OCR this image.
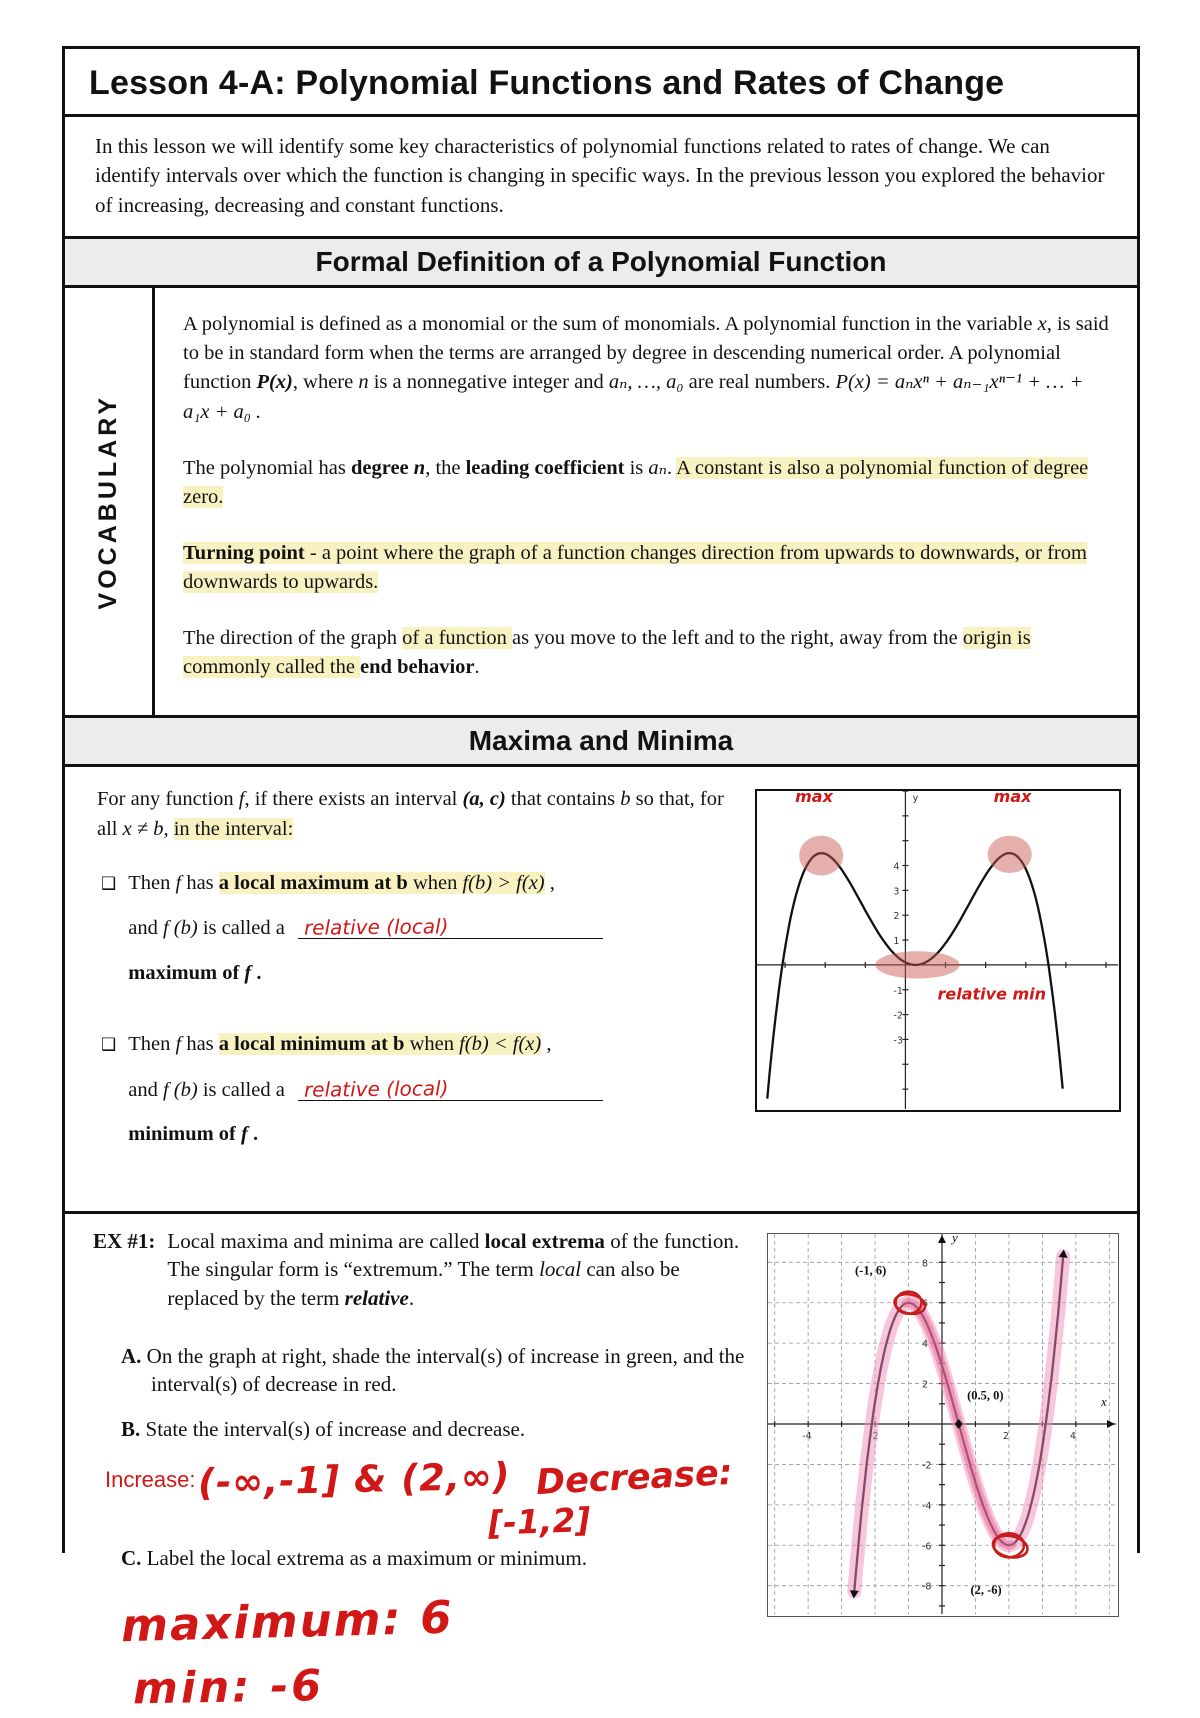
Lesson 4-A: Polynomial Functions and Rates of Change
In this lesson we will identify some key characteristics of polynomial functions related to rates of change. We can identify intervals over which the function is changing in specific ways. In the previous lesson you explored the behavior of increasing, decreasing and constant functions.
Formal Definition of a Polynomial Function
VOCABULARY

A polynomial is defined as a monomial or the sum of monomials. A polynomial function in the variable x, is said to be in standard form when the terms are arranged by degree in descending numerical order. A polynomial function P(x), where n is a nonnegative integer and aₙ, …, a₀ are real numbers. P(x) = aₙxⁿ + aₙ₋₁xⁿ⁻¹ + … + a₁x + a₀ .

The polynomial has degree n, the leading coefficient is aₙ. A constant is also a polynomial function of degree zero.

Turning point - a point where the graph of a function changes direction from upwards to downwards, or from downwards to upwards.

The direction of the graph of a function as you move to the left and to the right, away from the origin is commonly called the end behavior.

Maxima and Minima

For any function f, if there exists an interval (a, c) that contains b so that, for all x ≠ b, in the interval:

❑ Then f has a local maximum at b when f(b) > f(x) ,

and f (b) is called a relative (local)

maximum of f .

❑ Then f has a local minimum at b when f(b) < f(x) ,

and f (b) is called a relative (local)

minimum of f .

1
2
3
4
-1
-2
-3
max	max
relative min
y
EX #1: Local maxima and minima are called local extrema of the function. The singular form is “extremum.” The term local can also be replaced by the term relative.

A. On the graph at right, shade the interval(s) of increase in green, and the interval(s) of decrease in red.

B. State the interval(s) of increase and decrease.

Increase: (-∞,-1] & (2,∞) Decrease:
[-1,2]

C. Label the local extrema as a maximum or minimum.

maximum: 6
min: -6
-4	-2	2	4
8
6
4
2
-2
-4
-6
-8
(-1, 6)
(0.5, 0)
(2, -6)
x
y
